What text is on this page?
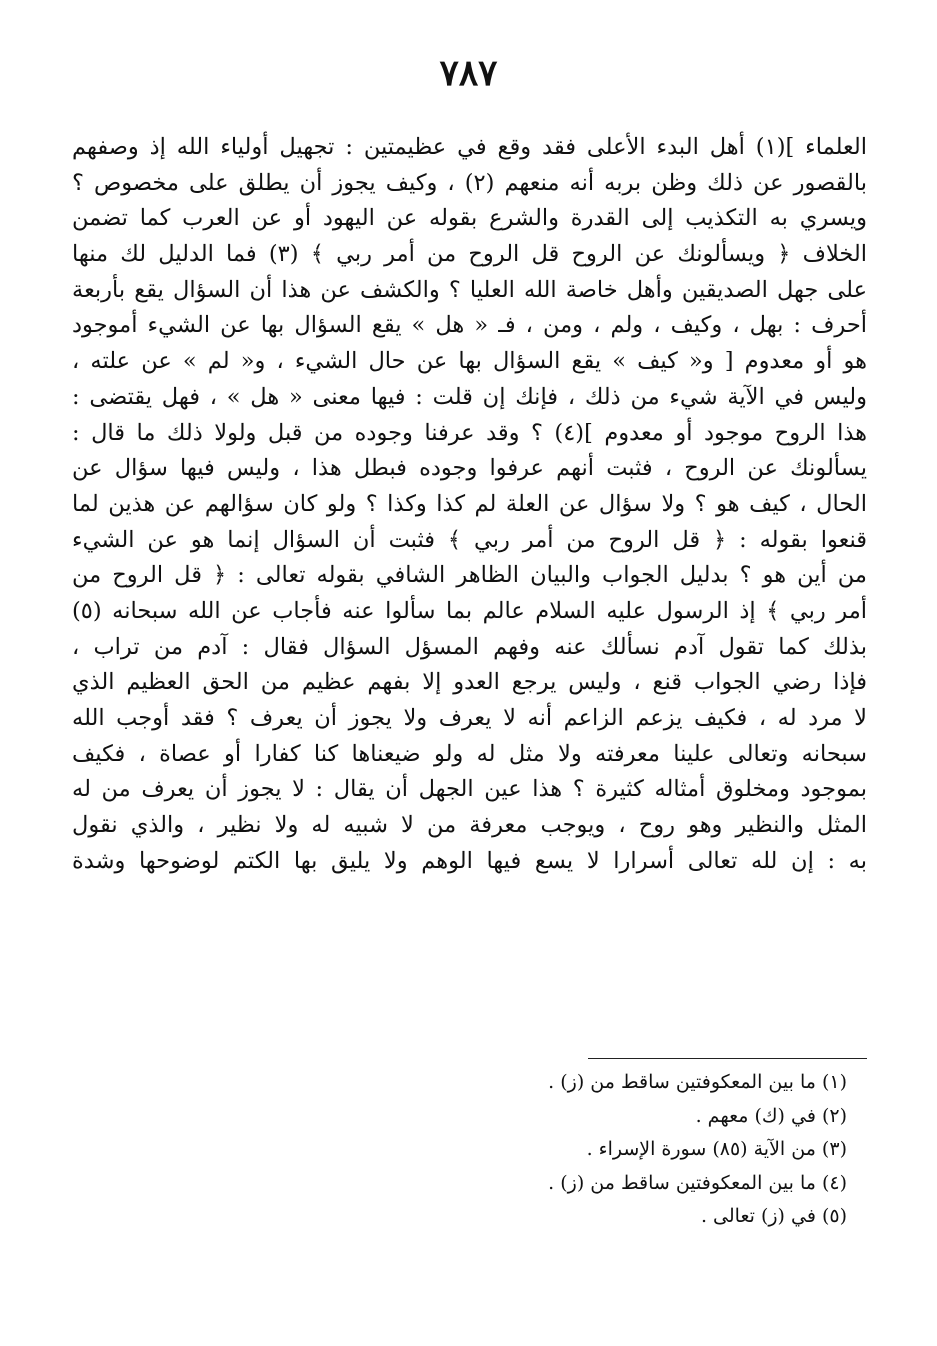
٧٨٧
العلماء ](١) أهل البدء الأعلى فقد وقع في عظيمتين : تجهيل أولياء الله إذ وصفهم
بالقصور عن ذلك وظن بربه أنه منعهم (٢) ، وكيف يجوز أن يطلق على مخصوص ؟
ويسري به التكذيب إلى القدرة والشرع بقوله عن اليهود أو عن العرب كما تضمن
الخلاف ﴿ ويسألونك عن الروح قل الروح من أمر ربي ﴾ (٣) فما الدليل لك منها
على جهل الصديقين وأهل خاصة الله العليا ؟ والكشف عن هذا أن السؤال يقع بأربعة
أحرف : بهل ، وكيف ، ولم ، ومن ، فـ « هل » يقع السؤال بها عن الشيء أموجود
هو أو معدوم [ و« كيف » يقع السؤال بها عن حال الشيء ، و« لم » عن علته ،
وليس في الآية شيء من ذلك ، فإنك إن قلت : فيها معنى « هل » ، فهل يقتضى :
هذا الروح موجود أو معدوم ](٤) ؟ وقد عرفنا وجوده من قبل ولولا ذلك ما قال :
يسألونك عن الروح ، فثبت أنهم عرفوا وجوده فبطل هذا ، وليس فيها سؤال عن
الحال ، كيف هو ؟ ولا سؤال عن العلة لم كذا وكذا ؟ ولو كان سؤالهم عن هذين لما
قنعوا بقوله : ﴿ قل الروح من أمر ربي ﴾ فثبت أن السؤال إنما هو عن الشيء
من أين هو ؟ بدليل الجواب والبيان الظاهر الشافي بقوله تعالى : ﴿ قل الروح من
أمر ربي ﴾ إذ الرسول عليه السلام عالم بما سألوا عنه فأجاب عن الله سبحانه (٥)
بذلك كما تقول آدم نسألك عنه وفهم المسؤل السؤال فقال : آدم من تراب ،
فإذا رضي الجواب قنع ، وليس يرجع العدو إلا بفهم عظيم من الحق العظيم الذي
لا مرد له ، فكيف يزعم الزاعم أنه لا يعرف ولا يجوز أن يعرف ؟ فقد أوجب الله
سبحانه وتعالى علينا معرفته ولا مثل له ولو ضيعناها كنا كفارا أو عصاة ، فكيف
بموجود ومخلوق أمثاله كثيرة ؟ هذا عين الجهل أن يقال : لا يجوز أن يعرف من له
المثل والنظير وهو روح ، ويوجب معرفة من لا شبيه له ولا نظير ، والذي نقول
به : إن لله تعالى أسرارا لا يسع فيها الوهم ولا يليق بها الكتم لوضوحها وشدة
(١) ما بين المعكوفتين ساقط من (ز) .
(٢) في (ك) معهم .
(٣) من الآية (٨٥) سورة الإسراء .
(٤) ما بين المعكوفتين ساقط من (ز) .
(٥) في (ز) تعالى .
